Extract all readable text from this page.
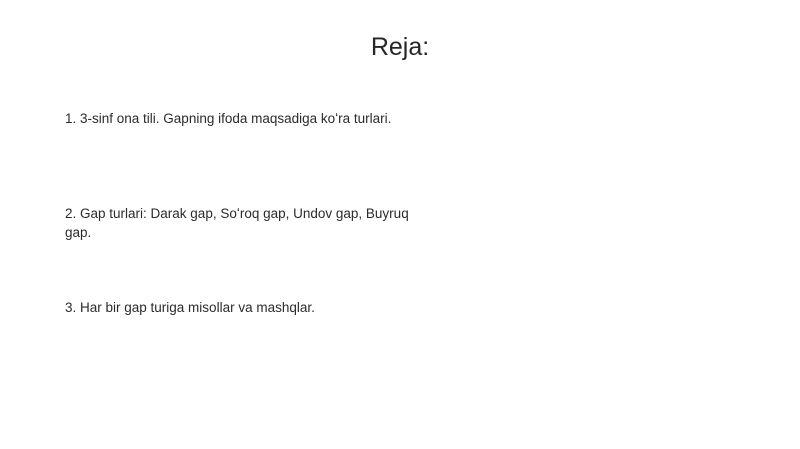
Reja:
1. 3-sinf ona tili. Gapning ifoda maqsadiga koʻra turlari.
2. Gap turlari: Darak gap, Soʻroq gap, Undov gap, Buyruq gap.
3. Har bir gap turiga misollar va mashqlar.
